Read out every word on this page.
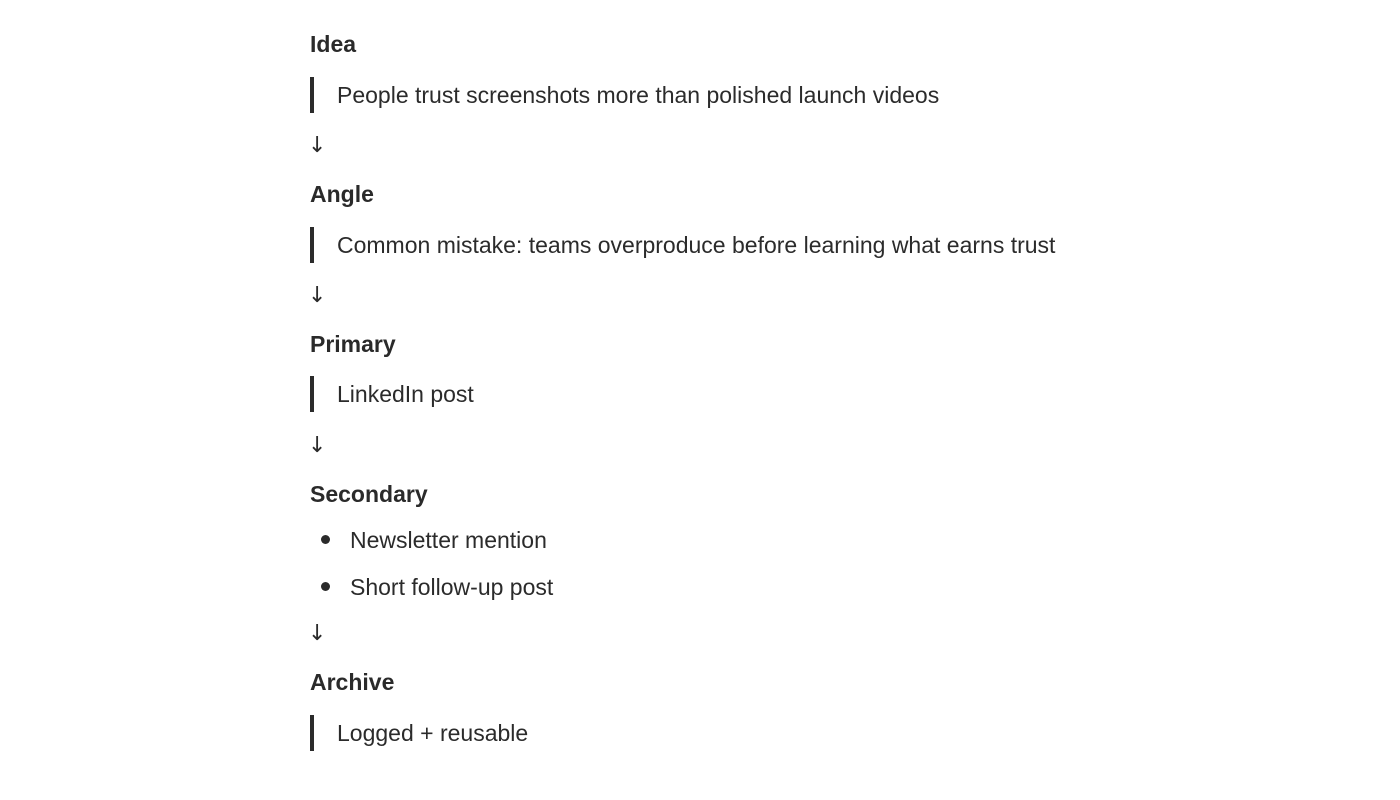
Idea
People trust screenshots more than polished launch videos
↓
Angle
Common mistake: teams overproduce before learning what earns trust
↓
Primary
LinkedIn post
↓
Secondary
Newsletter mention
Short follow-up post
↓
Archive
Logged + reusable
